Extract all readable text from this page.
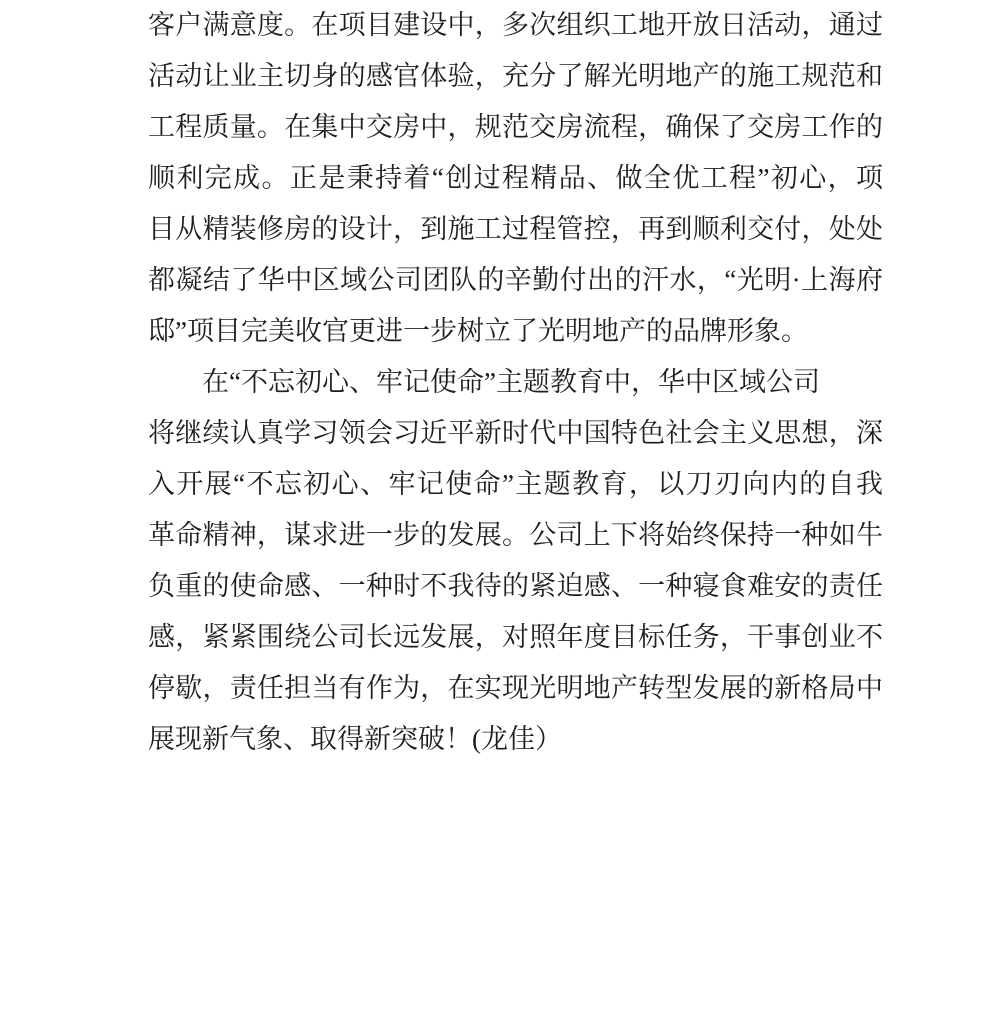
客户满意度。在项目建设中，多次组织工地开放日活动，通过

活动让业主切身的感官体验，充分了解光明地产的施工规范和

工程质量。在集中交房中，规范交房流程，确保了交房工作的

顺利完成。正是秉持着“创过程精品、做全优工程”初心，项

目从精装修房的设计，到施工过程管控，再到顺利交付，处处

都凝结了华中区域公司团队的辛勤付出的汗水，“光明·上海府

邸”项目完美收官更进一步树立了光明地产的品牌形象。

在“不忘初心、牢记使命”主题教育中，华中区域公司

将继续认真学习领会习近平新时代中国特色社会主义思想，深

入开展“不忘初心、牢记使命”主题教育，以刀刃向内的自我

革命精神，谋求进一步的发展。公司上下将始终保持一种如牛

负重的使命感、一种时不我待的紧迫感、一种寝食难安的责任

感，紧紧围绕公司长远发展，对照年度目标任务，干事创业不

停歇，责任担当有作为，在实现光明地产转型发展的新格局中

展现新气象、取得新突破！(龙佳）
